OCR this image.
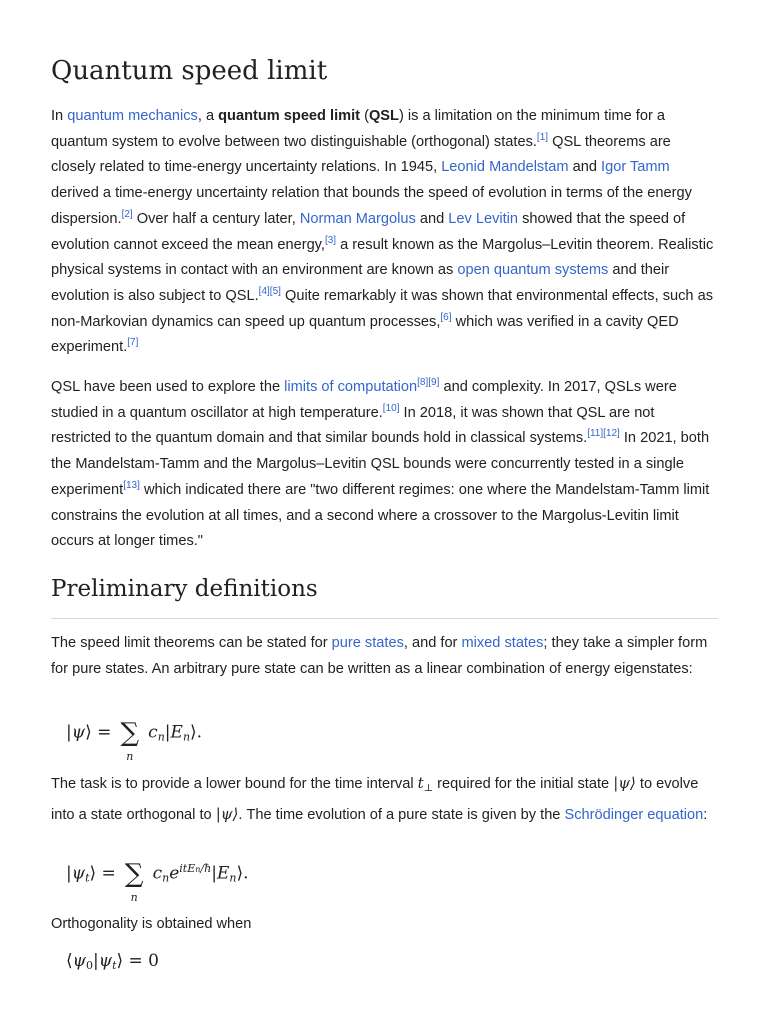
Quantum speed limit

In quantum mechanics, a quantum speed limit (QSL) is a limitation on the minimum time for a quantum system to evolve between two distinguishable (orthogonal) states.[1] QSL theorems are closely related to time-energy uncertainty relations. In 1945, Leonid Mandelstam and Igor Tamm derived a time-energy uncertainty relation that bounds the speed of evolution in terms of the energy dispersion.[2] Over half a century later, Norman Margolus and Lev Levitin showed that the speed of evolution cannot exceed the mean energy,[3] a result known as the Margolus–Levitin theorem. Realistic physical systems in contact with an environment are known as open quantum systems and their evolution is also subject to QSL.[4][5] Quite remarkably it was shown that environmental effects, such as non-Markovian dynamics can speed up quantum processes,[6] which was verified in a cavity QED experiment.[7]

QSL have been used to explore the limits of computation[8][9] and complexity. In 2017, QSLs were studied in a quantum oscillator at high temperature.[10] In 2018, it was shown that QSL are not restricted to the quantum domain and that similar bounds hold in classical systems.[11][12] In 2021, both the Mandelstam-Tamm and the Margolus–Levitin QSL bounds were concurrently tested in a single experiment[13] which indicated there are "two different regimes: one where the Mandelstam-Tamm limit constrains the evolution at all times, and a second where a crossover to the Margolus-Levitin limit occurs at longer times."

Preliminary definitions

The speed limit theorems can be stated for pure states, and for mixed states; they take a simpler form for pure states. An arbitrary pure state can be written as a linear combination of energy eigenstates:

|ψ⟩ = ∑
n
$c_n|E_n⟩$.

The task is to provide a lower bound for the time interval $t_\perp$ required for the initial state |ψ⟩ to evolve into a state orthogonal to |ψ⟩. The time evolution of a pure state is given by the Schrödinger equation:

$|\psi_t⟩$ = ∑
n
$c_ne^{itEn/ħ}|E_n⟩$.

Orthogonality is obtained when

$⟨\psi_0|\psi_t⟩ = 0$
